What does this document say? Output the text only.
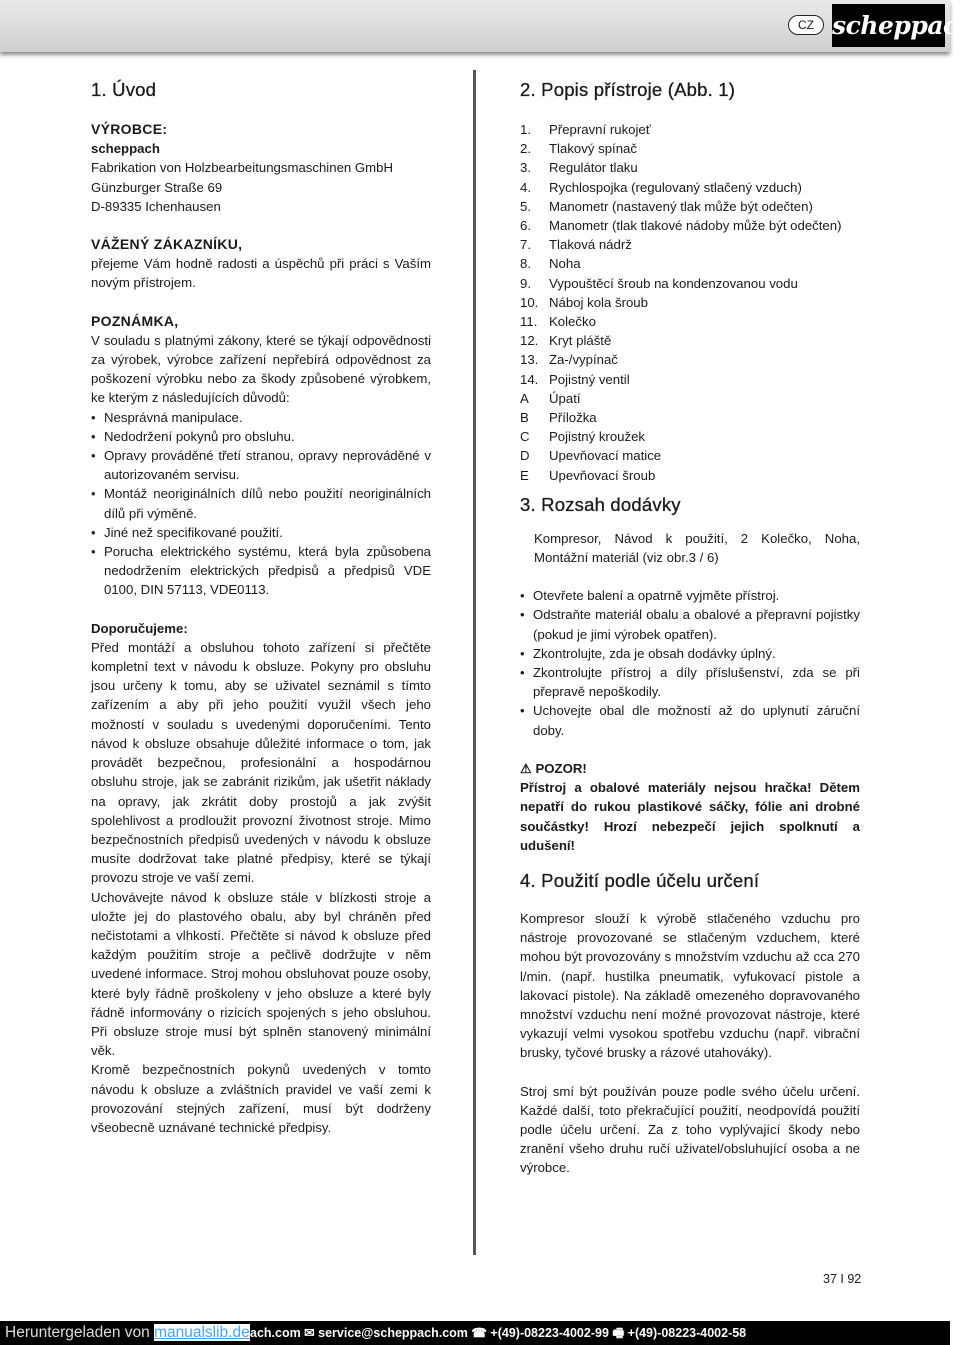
CZ scheppach
1. Úvod
VÝROBCE:
scheppach
Fabrikation von Holzbearbeitungsmaschinen GmbH
Günzburger Straße 69
D-89335 Ichenhausen
VÁŽENÝ ZÁKAZNÍKU,

přejeme Vám hodně radosti a úspěchů při práci s Vaším novým přístrojem.

POZNÁMKA,

V souladu s platnými zákony, které se týkají odpovědnosti za výrobek, výrobce zařízení nepřebírá odpovědnost za poškození výrobku nebo za škody způsobené výrobkem, ke kterým z následujících důvodů:

• Nesprávná manipulace.
• Nedodržení pokynů pro obsluhu.
• Opravy prováděné třetí stranou, opravy neprováděné v autorizovaném servisu.
• Montáž neoriginálních dílů nebo použití neoriginálních dílů při výměně.
• Jiné než specifikované použití.
• Porucha elektrického systému, která byla způsobena nedodržením elektrických předpisů a předpisů VDE 0100, DIN 57113, VDE0113.
Doporučujeme:

Před montáží a obsluhou tohoto zařízení si přečtěte kompletní text v návodu k obsluze. Pokyny pro obsluhu jsou určeny k tomu, aby se uživatel seznámil s tímto zařízením a aby při jeho použití využil všech jeho možností v souladu s uvedenými doporučeními. Tento návod k obsluze obsahuje důležité informace o tom, jak provádět bezpečnou, profesionální a hospodárnou obsluhu stroje, jak se zabránit rizikům, jak ušetřit náklady na opravy, jak zkrátit doby prostojů a jak zvýšit spolehlivost a prodloužit provozní životnost stroje. Mimo bezpečnostních předpisů uvedených v návodu k obsluze musíte dodržovat take platné předpisy, které se týkají provozu stroje ve vaší zemi.

Uchovávejte návod k obsluze stále v blízkosti stroje a uložte jej do plastového obalu, aby byl chráněn před nečistotami a vlhkostí. Přečtěte si návod k obsluze před každým použitím stroje a pečlivě dodržujte v něm uvedené informace. Stroj mohou obsluhovat pouze osoby, které byly řádně proškoleny v jeho obsluze a které byly řádně informovány o rizicích spojených s jeho obsluhou. Při obsluze stroje musí být splněn stanovený minimální věk.

Kromě bezpečnostních pokynů uvedených v tomto návodu k obsluze a zvláštních pravidel ve vaší zemi k provozování stejných zařízení, musí být dodrženy všeobecně uznávané technické předpisy.

2. Popis přístroje (Abb. 1)
1.	Přepravní rukojeť
2.	Tlakový spínač
3.	Regulátor tlaku
4.	Rychlospojka (regulovaný stlačený vzduch)
5.	Manometr (nastavený tlak může být odečten)
6.	Manometr (tlak tlakové nádoby může být odečten)
7.	Tlaková nádrž
8.	Noha
9.	Vypouštěcí šroub na kondenzovanou vodu
10. Náboj kola šroub
11. Kolečko
12. Kryt pláště
13. Za-/vypínač
14. Pojistný ventil
A	Úpatí
B	Příložka
C	Pojistný kroužek
D	Upevňovací matice
E	Upevňovací šroub
3. Rozsah dodávky

Kompresor, Návod k použití, 2 Kolečko, Noha, Montážní materiál (viz obr.3 / 6)

• Otevřete balení a opatrně vyjměte přístroj.
• Odstraňte materiál obalu a obalové a přepravní pojistky (pokud je jimi výrobek opatřen).
• Zkontrolujte, zda je obsah dodávky úplný.
• Zkontrolujte přístroj a díly příslušenství, zda se při přepravě nepoškodily.
• Uchovejte obal dle možností až do uplynutí záruční doby.
⚠ POZOR!

Přístroj a obalové materiály nejsou hračka! Dětem nepatří do rukou plastikové sáčky, fólie ani drobné součástky! Hrozí nebezpečí jejich spolknutí a udušení!

4. Použití podle účelu určení

Kompresor slouží k výrobě stlačeného vzduchu pro nástroje provozované se stlačeným vzduchem, které mohou být provozovány s množstvím vzduchu až cca 270 l/min. (např. hustilka pneumatik, vyfukovací pistole a lakovací pistole). Na základě omezeného dopravovaného množství vzduchu není možné provozovat nástroje, které vykazují velmi vysokou spotřebu vzduchu (např. vibrační brusky, tyčové brusky a rázové utahováky).

Stroj smí být používán pouze podle svého účelu určení. Každé další, toto překračující použití, neodpovídá použití podle účelu určení. Za z toho vyplývající škody nebo zranění všeho druhu ručí uživatel/obsluhující osoba a ne výrobce.

37 I 92
Heruntergeladen von manualslib.de ach.com ✉ service@scheppach.com ☎ +(49)-08223-4002-99 🖷 +(49)-08223-4002-58
